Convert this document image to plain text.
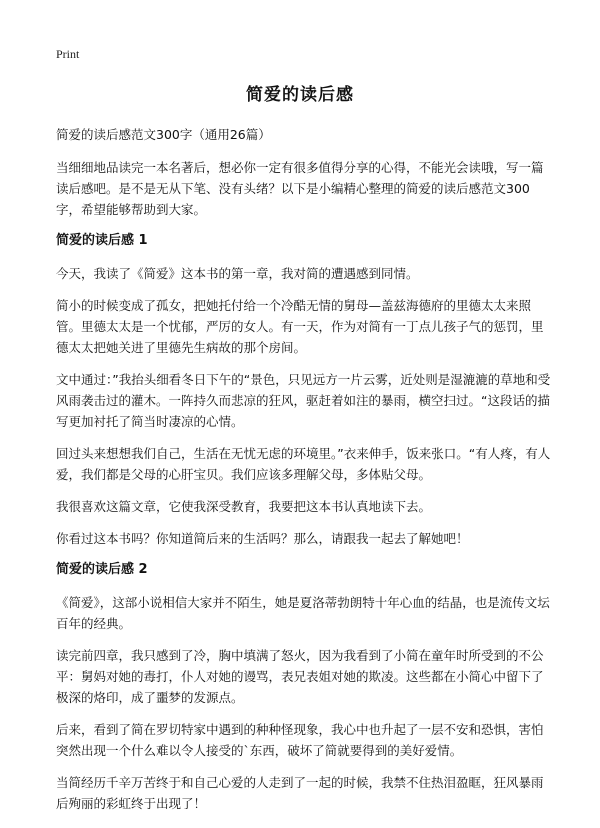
Print
简爱的读后感

简爱的读后感范文300字（通用26篇）

当细细地品读完一本名著后，想必你一定有很多值得分享的心得，不能光会读哦，写一篇读后感吧。是不是无从下笔、没有头绪？以下是小编精心整理的简爱的读后感范文300字，希望能够帮助到大家。

简爱的读后感 1

今天，我读了《简爱》这本书的第一章，我对简的遭遇感到同情。

简小的时候变成了孤女，把她托付给一个冷酷无情的舅母—盖兹海德府的里德太太来照管。里德太太是一个忧郁，严厉的女人。有一天，作为对简有一丁点儿孩子气的惩罚，里德太太把她关进了里德先生病故的那个房间。

文中通过：”我抬头细看冬日下午的“景色，只见远方一片云雾，近处则是湿漉漉的草地和受风雨袭击过的灌木。一阵持久而悲凉的狂风，驱赶着如注的暴雨，横空扫过。“这段话的描写更加衬托了简当时凄凉的心情。

回过头来想想我们自己，生活在无忧无虑的环境里。”衣来伸手，饭来张口。“有人疼，有人爱，我们都是父母的心肝宝贝。我们应该多理解父母，多体贴父母。

我很喜欢这篇文章，它使我深受教育，我要把这本书认真地读下去。

你看过这本书吗？你知道简后来的生活吗？那么，请跟我一起去了解她吧！

简爱的读后感 2

《简爱》，这部小说相信大家并不陌生，她是夏洛蒂勃朗特十年心血的结晶，也是流传文坛百年的经典。

读完前四章，我只感到了冷，胸中填满了怒火，因为我看到了小简在童年时所受到的不公平：舅妈对她的毒打，仆人对她的谩骂，表兄表姐对她的欺凌。这些都在小简心中留下了极深的烙印，成了噩梦的发源点。

后来，看到了简在罗切特家中遇到的种种怪现象，我心中也升起了一层不安和恐惧，害怕突然出现一个什么难以令人接受的`东西，破坏了简就要得到的美好爱情。

当简经历千辛万苦终于和自己心爱的人走到了一起的时候，我禁不住热泪盈眶，狂风暴雨后殉丽的彩虹终于出现了！
